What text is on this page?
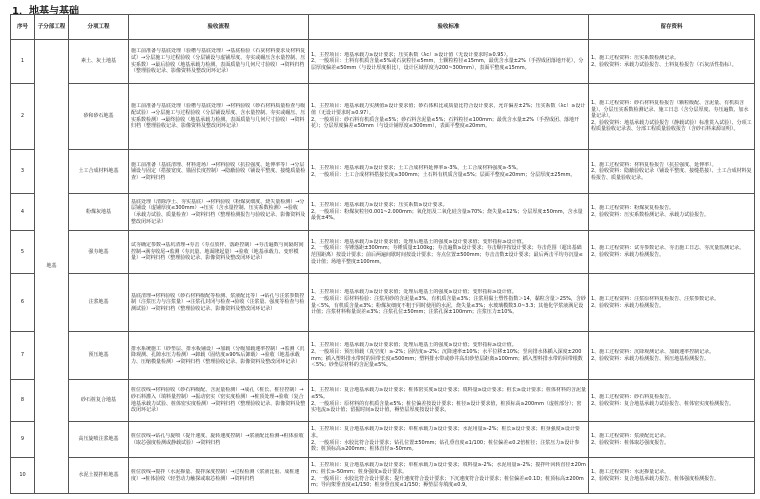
1．地基与基础
序号	子分部工程	分项工程	验收流程	验收标准	留存资料
1	地基	素土、灰土地基	施工前准备与基底处理（验槽与基底处理）→基底检验（石灰材料要求及材料复试）→分层施工与过程验收（分层铺设与虚铺厚度、夯实或碾压含水量控制、压实系数）→最后验收（地基承载力检测、表面质量与几何尺寸验收）→资料归档（整理验收记录、影像资料及整改闭环记录）	1、主控项目：地基承载力≥设计要求；压实系数（λc）≥设计值（无设计要求时≥0.95）。
2、一般项目：土料有机质含量≤5%或石灰粒径≤5mm，土颗粒粒径≤15mm，最优含水量±2%（手捏成团落地开花），分层厚度偏差≤50mm（与设计厚度相比），设计区域厚度为200~300mm），表面平整度≤15mm。	1、施工过程资料：压实系数检测记录。
2、验收资料：承载力试验报告、土料复检报告（石灰活性指标）。

2		砂和砂石地基	施工前准备与基底处理（验槽与基底处理）→材料验收（砂石材料质量检查与级配试验）→分层施工与过程验收（分层铺设厚度、含水量控制、夯实或碾压、压实系数检测）→最终验收（地基承载力检测、表面质量与几何尺寸验收）→资料归档（整理验收记录、影像资料及整改闭环记录）	1、主控项目：地基承载力实测值≥设计要求值；砂石体积比或质量比符合设计要求，允许偏差±2%；压实系数（λc）≥设计值（无设计要求时≥0.97）。
2、一般项目：砂石料有机质含量≤5%；砂石料含泥量≤5%；石料粒径≤100mm；最优含水量±2%（手捏成团、落地开花）；分层厚度偏差≤50mm（与设计铺厚度≤300mm），表面平整度≤20mm。	1、施工过程资料：砂石材料复检报告（颗粒级配、含泥量、有机质含量）、分层压实系数检测记录、施工日志（含分层厚度、夯压遍数、加水量记录）。
2、验收资料：地基承载力试验报告（静载试验）标准贯入试验）、分项工程质量验收记录表、分部工程质量验收报告（含砂石料来源证明）。

3		土工合成材料地基	施工前准备（基底清理、材料进场）→材料验收（抗拉强度、延伸率等）→分层铺设与固定（搭接宽度、锚固长度控制）→隐蔽验收（铺设平整度、接缝质量检查）→资料归档	1、主控项目：地基承载力≥设计要求；土工合成材料延伸率≥-3%，土工合成材料强度≥-5%。
2、一般项目：土工合成材料搭接长度≥300mm；土石料有机质含量≤5%；层面平整度≤20mm；分层厚度±25mm。	1、施工过程资料：材料复检报告（抗拉强度、延伸率）。
2、验收资料：隐蔽验收记录（铺设平整度、接缝搭接）、土工合成材料复检报告、质量验收记录。

4		粉煤灰地基	基底处理（清除浮土、夯实基底）→材料验收（粉煤灰细度、烧失量检测）→分层铺设（虚铺厚度≤300mm）→压实（含水量控制、压实系数检测）→验收（承载力试验、质量检查）→资料归档（整理检测报告与验收记录、影像资料及整改闭环记录）	1、主控项目：地基承载力≥设计要求；压实系数≥设计要求。
2、一般项目：粉煤灰粒径0.001~2.000mm；氧化铝及二氧化硅含量≥70%；烧失量≤12%；分层厚度±50mm，含水量最优±4%。	1、施工过程资料：粉煤灰复检报告。
2、验收资料：压实系数检测记录、承载力试验报告。

5		强夯地基	试夯确定参数→基坑清理→夯击（夯点放样、落距控制）→夯击遍数与间隔时间控制→满夯收尾→监测（夯沉量、地面隆起量）→验收（地基承载力、变形模量）→资料归档（整理验收记录、影像资料及整改闭环记录）	1、主控项目：地基承载力≥设计要求值；处理后地基土的强度≥设计要求值；变形指标≥设计值。
2、一般项目：夯锤落距±300mm；夯锤质量±100kg；夯击遍数≥设计要求；夯击顺序按设计要求；夯击范围（超出基础范围距离）按设计要求；前后两遍间歇时间按设计要求；夯点位置±500mm；夯击击数±设计要求；最后两击平均夯沉量≤设计值；场地平整度±100mm。	1、施工过程资料：试夯参数记录、夯击施工日志、夯沉量监测记录。
2、验收资料：承载力检测报告。

6		注浆地基	基底清理→材料验收（砂石材料级配等检测、浆液配比等）→钻孔与注浆参数控制（注浆压力与注浆量）→注浆孔封闭与检查→验收（注浆量、强度等检查与检测试验）→资料归档（整理验收记录、影像资料及整改闭环记录）	1、主控项目：地基承载力≥设计要求值；处理后地基土的强度≥设计值；变形指标≥设计值。
2、一般项目：原材料检验：注浆用砂的含泥量≤3%，有机质含量≤3%；注浆用黏土塑性指数＞14，黏粒含量＞25%，含砂量＜5%，有机质含量≤3%；粉煤灰细度不粗于同时使用的水泥，烧失量≤3%；水玻璃模数3.0~3.3；其他化学浆液满足设计值；注浆材料称量误差≤3%；注浆孔位±50mm；注浆孔深±100mm；注浆压力±10%。	1、施工过程资料：注浆原材料复检报告、注浆参数记录。
2、验收资料：承载力检测报告。

7		预压地基	排水系统施工（砂垫层、排水板铺设）→加载（分级加载速率控制）→监测（沉降观测、孔隙水压力检测）→卸载（固结度≥90%后卸载）→验收（地基承载力、压缩模量检测）→资料归档（整理验收记录、影像资料及整改闭环记录）	1、主控项目：地基承载力≥设计要求值；处理后地基土的强度≥设计值；变形指标≥设计值。
2、一般项目：预压荷载（真空度）≥-2%；固结度≥-2%；沉降速率±10%；水平位移±10%；竖向排水体插入深度±200mm；插入塑料排水带时的回带长度≤500mm；塑料排水带或砂井高出砂垫层距离≥100mm；插入塑料排水带的回带根数＜5%；砂垫层材料的含泥量≤5%。	1、施工过程资料：沉降观测记录、加载速率控制记录。
2、验收资料：承载力检测报告、预压地基检测报告。

8		砂石桩复合地基	桩位放线→材料验收（砂石料级配、含泥量检测）→成孔（桩长、桩径控制）→砂石料灌入（填料量控制）→振动密实（密实度检测）→桩顶处理→验收（复合地基承载力试验、桩体密实度检测）→资料归档（整理验收记录、影像资料及整改闭环记录）	1、主控项目：复合地基承载力≥设计要求；桩体密实度≥设计要求；填料量≥设计要求；桩长≥设计要求；桩体材料的含泥量≤5%。
2、一般项目：原材料的有机质含量≤5%；桩位偏差按设计要求；桩径≥设计要求值，桩顶标高≥200mm（虚桩部分）；密实电流≥设计值；留振时间≥设计值，褥垫层厚度按设计要求。	1、施工过程资料：砂石料复检报告。
2、验收资料：复合地基承载力试验报告、桩体密实度检测报告。

9		高压旋喷注浆地基	桩位放线→钻孔与旋喷（提升速度、旋转速度控制）→浆液配比检测→桩体验收（取芯强度检测或静载试验）→资料归档	1、主控项目：复合地基承载力≥设计要求；单桩承载力≥设计要求；水泥用量≥-2%；桩长≥设计要求；桩身强度≥设计要求。
2、一般项目：水胶比符合设计要求；钻孔位置±50mm；钻孔垂直度≤1/100；桩位偏差≤0.2倍桩径；注浆压力≥设计参数；桩顶标高≥200mm；桩体直径≥-50mm。	1、施工过程资料：浆液配比记录。
2、验收资料：桩体取芯强度报告。

10		水泥土搅拌桩地基	桩位放线→搅拌（水泥掺量、搅拌深度控制）→过程检测（浆液比重、成桩速度）→桩体验收（轻型动力触探或取芯检测）→资料归档	1、主控项目：复合地基承载力≥设计要求；单桩承载力≥设计要求；填料量≥-2%；水泥用量≥-2%；搅拌叶回转直径±20mm；桩长≥-50mm；桩身强度≥设计要求。
2、一般项目：水胶比符合设计要求；提升速度符合设计要求；下沉速度符合设计要求；桩位偏差≤0.1D；桩顶标高±200mm；导向架垂直度≤1/150；桩身垂直度≤1/150；褥垫层夯填度≤0.9。	1、施工过程资料：水泥掺量记录。
2、验收资料：复合地基承载力报告、桩体强度检测报告。
